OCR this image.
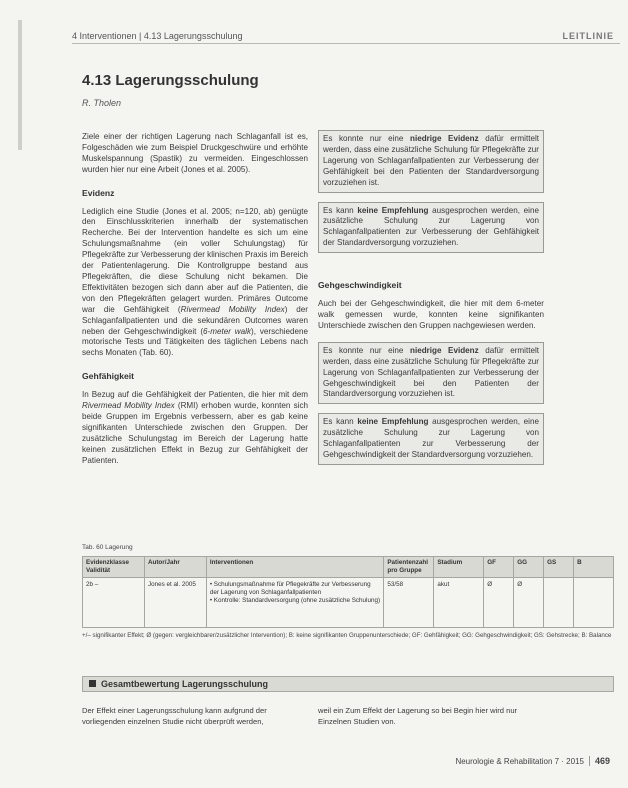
4 Interventionen | 4.13 Lagerungsschulung	LEITLINIE
4.13 Lagerungsschulung
R. Tholen

Ziele einer der richtigen Lagerung nach Schlaganfall ist es, Folgeschäden wie zum Beispiel Druckgeschwüre und erhöhte Muskelspannung (Spastik) zu vermeiden. Eingeschlossen wurden hier nur eine Arbeit (Jones et al. 2005).

Evidenz

Lediglich eine Studie (Jones et al. 2005; n=120, ab) genügte den Einschlusskriterien innerhalb der systematischen Recherche. Bei der Intervention handelte es sich um eine Schulungsmaßnahme (ein voller Schulungstag) für Pflegekräfte zur Verbesserung der klinischen Praxis im Bereich der Patientenlagerung. Die Kontrollgruppe bestand aus Pflegekräften, die diese Schulung nicht bekamen. Die Effektivitäten bezogen sich dann aber auf die Patienten, die von den Pflegekräften gelagert wurden. Primäres Outcome war die Gehfähigkeit (Rivermead Mobility Index) der Schlaganfallpatienten und die sekundären Outcomes waren neben der Gehgeschwindigkeit (6-meter walk), verschiedene motorische Tests und Tätigkeiten des täglichen Lebens nach sechs Monaten (Tab. 60).

Gehfähigkeit

In Bezug auf die Gehfähigkeit der Patienten, die hier mit dem Rivermead Mobility Index (RMI) erhoben wurde, konnten sich beide Gruppen im Ergebnis verbessern, aber es gab keine signifikanten Unterschiede zwischen den Gruppen. Der zusätzliche Schulungstag im Bereich der Lagerung hatte keinen zusätzlichen Effekt in Bezug zur Gehfähigkeit der Patienten.

Es konnte nur eine niedrige Evidenz dafür ermittelt werden, dass eine zusätzliche Schulung für Pflegekräfte zur Lagerung von Schlaganfallpatienten zur Verbesserung der Gehfähigkeit bei den Patienten der Standardversorgung vorzuziehen ist.
Es kann keine Empfehlung ausgesprochen werden, eine zusätzliche Schulung zur Lagerung von Schlaganfallpatienten zur Verbesserung der Gehfähigkeit der Standardversorgung vorzuziehen.
Gehgeschwindigkeit

Auch bei der Gehgeschwindigkeit, die hier mit dem 6-meter walk gemessen wurde, konnten keine signifikanten Unterschiede zwischen den Gruppen nachgewiesen werden.

Es konnte nur eine niedrige Evidenz dafür ermittelt werden, dass eine zusätzliche Schulung für Pflegekräfte zur Lagerung von Schlaganfallpatienten zur Verbesserung der Gehgeschwindigkeit bei den Patienten der Standardversorgung vorzuziehen ist.
Es kann keine Empfehlung ausgesprochen werden, eine zusätzliche Schulung zur Lagerung von Schlaganfallpatienten zur Verbesserung der Gehgeschwindigkeit der Standardversorgung vorzuziehen.
Tab. 60 Lagerung
Evidenzklasse Validität	Autor/Jahr	Interventionen	Patientenzahl pro Gruppe	Stadium	GF	GG	GS	B
2b –	Jones et al. 2005	• Schulungsmaßnahme für Pflegekräfte zur Verbesserung der Lagerung von Schlaganfallpatienten
• Kontrolle: Standardversorgung (ohne zusätzliche Schulung)	53/58	akut	Ø	Ø		
+/– signifikanter Effekt; Ø (gegen: vergleichbarer/zusätzlicher Intervention); B: keine signifikanten Gruppenunterschiede; GF: Gehfähigkeit; GG: Gehgeschwindigkeit; GS: Gehstrecke; B: Balance
Gesamtbewertung Lagerungsschulung
Der Effekt einer Lagerungsschulung kann aufgrund der vorliegenden einzelnen Studie nicht überprüft werden,
weil ein Zum Effekt der Lagerung so bei Begin hier wird nur Einzelnen Studien von.
Neurologie & Rehabilitation 7 · 2015 469
